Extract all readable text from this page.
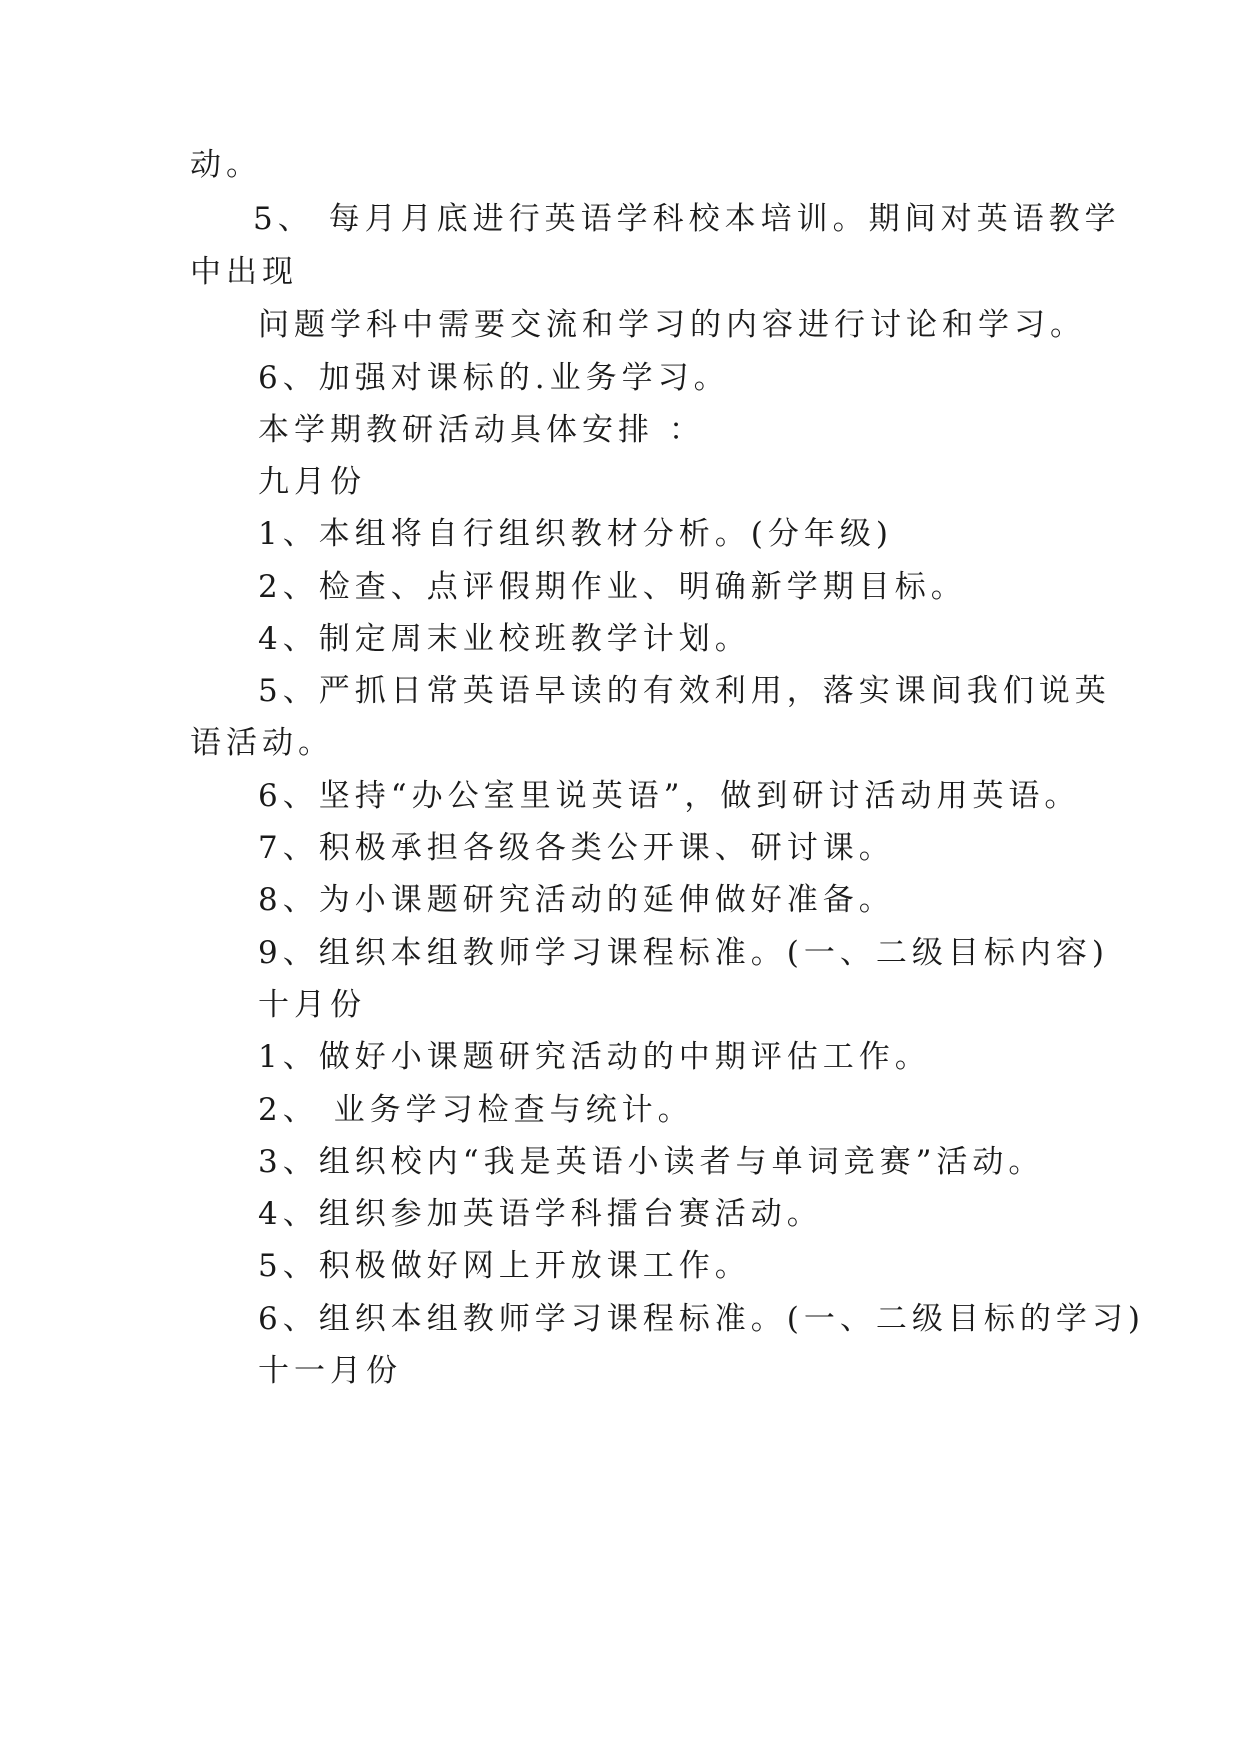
动。

5、 每月月底进行英语学科校本培训。期间对英语教学

中出现

问题学科中需要交流和学习的内容进行讨论和学习。

6、加强对课标的.业务学习。

本学期教研活动具体安排 ：

九月份

1、本组将自行组织教材分析。(分年级)

2、检查、点评假期作业、明确新学期目标。

4、制定周末业校班教学计划。

5、严抓日常英语早读的有效利用，落实课间我们说英

语活动。

6、坚持“办公室里说英语”，做到研讨活动用英语。

7、积极承担各级各类公开课、研讨课。

8、为小课题研究活动的延伸做好准备。

9、组织本组教师学习课程标准。(一、二级目标内容)

十月份

1、做好小课题研究活动的中期评估工作。

2、 业务学习检查与统计。

3、组织校内“我是英语小读者与单词竞赛”活动。

4、组织参加英语学科擂台赛活动。

5、积极做好网上开放课工作。

6、组织本组教师学习课程标准。(一、二级目标的学习)

十一月份
